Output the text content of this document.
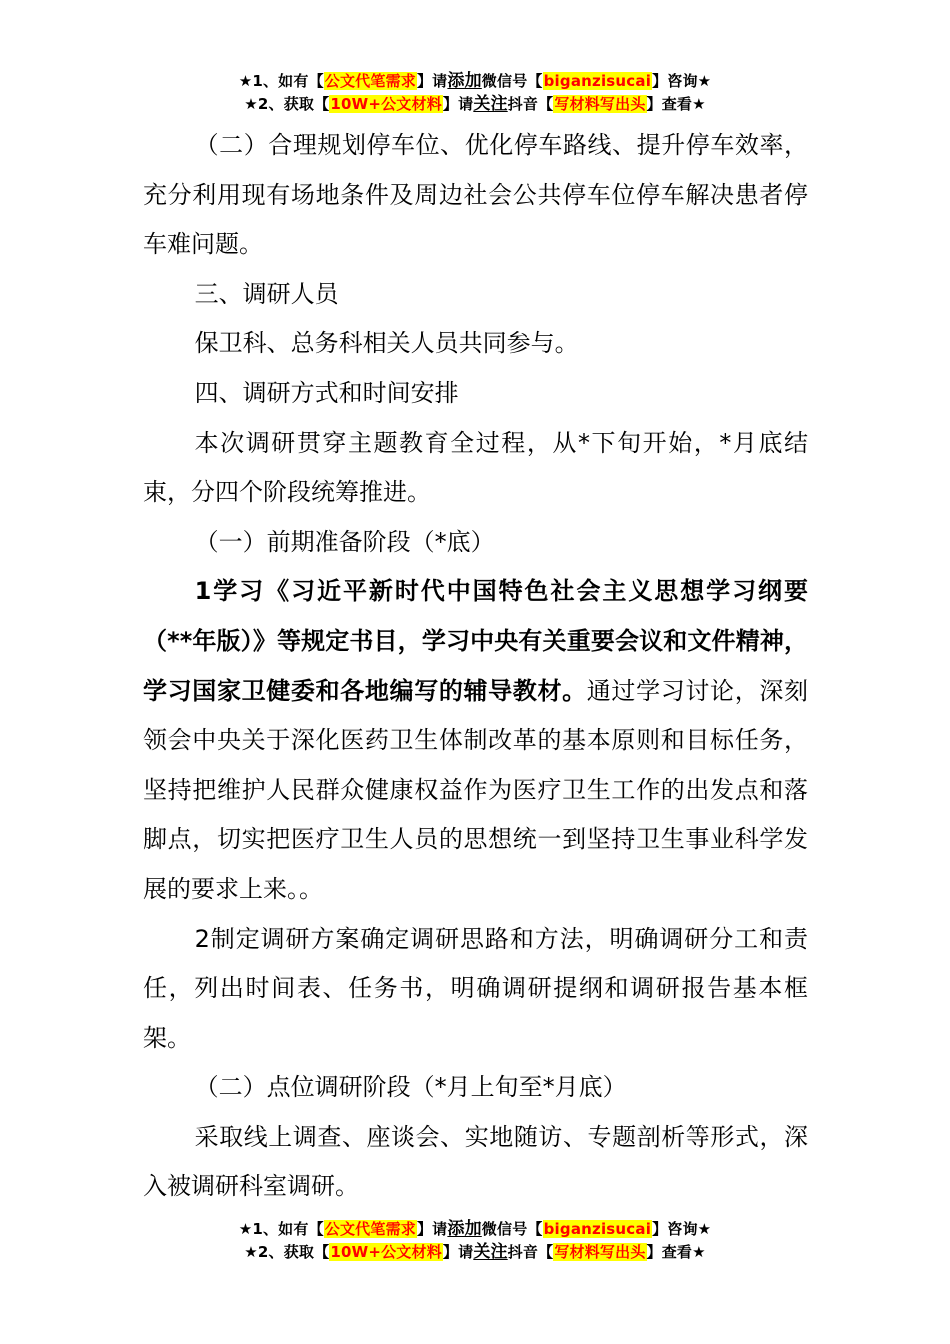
★1、如有【公文代笔需求】请添加微信号【biganzisucai】咨询★
★2、获取【10W+公文材料】请关注抖音【写材料写出头】查看★

（二）合理规划停车位、优化停车路线、提升停车效率，充分利用现有场地条件及周边社会公共停车位停车解决患者停车难问题。

三、调研人员

保卫科、总务科相关人员共同参与。

四、调研方式和时间安排

本次调研贯穿主题教育全过程，从*下旬开始，*月底结束，分四个阶段统筹推进。

（一）前期准备阶段（*底）

1学习《习近平新时代中国特色社会主义思想学习纲要（**年版）》等规定书目，学习中央有关重要会议和文件精神，学习国家卫健委和各地编写的辅导教材。通过学习讨论，深刻领会中央关于深化医药卫生体制改革的基本原则和目标任务，坚持把维护人民群众健康权益作为医疗卫生工作的出发点和落脚点，切实把医疗卫生人员的思想统一到坚持卫生事业科学发展的要求上来。。

2制定调研方案确定调研思路和方法，明确调研分工和责任，列出时间表、任务书，明确调研提纲和调研报告基本框架。

（二）点位调研阶段（*月上旬至*月底）

采取线上调查、座谈会、实地随访、专题剖析等形式，深入被调研科室调研。

★1、如有【公文代笔需求】请添加微信号【biganzisucai】咨询★
★2、获取【10W+公文材料】请关注抖音【写材料写出头】查看★
